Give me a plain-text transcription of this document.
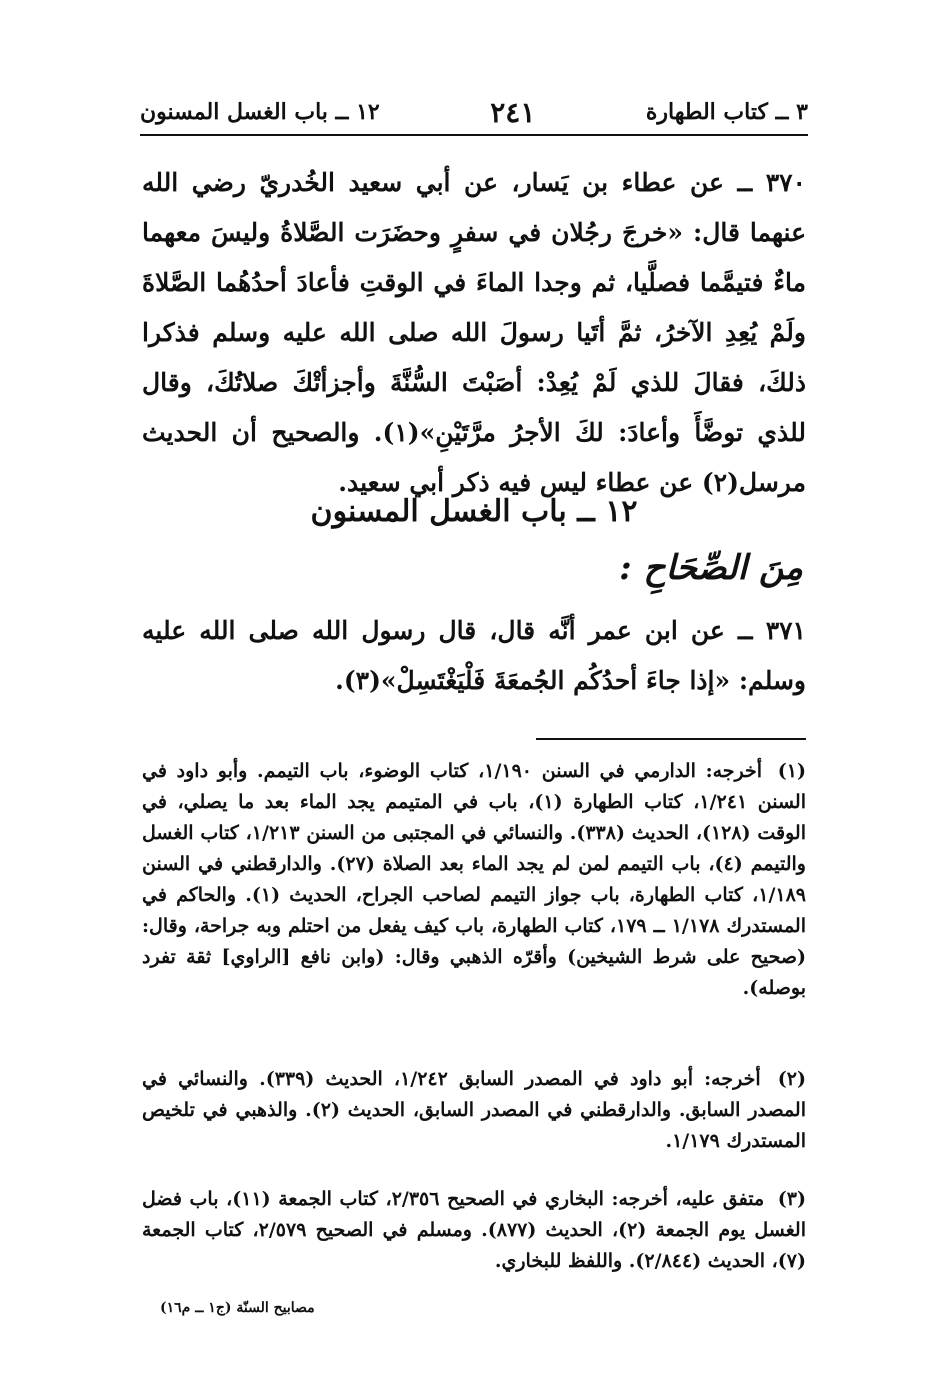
٣ ــ كتاب الطهارة
٢٤١
١٢ ــ باب الغسل المسنون
٣٧٠ ــ عن عطاء بن يَسار، عن أبي سعيد الخُدريّ رضي الله عنهما قال: «خرجَ رجُلان في سفرٍ وحضَرَت الصَّلاةُ وليسَ معهما ماءٌ فتيمَّما فصلَّيا، ثم وجدا الماءَ في الوقتِ فأعادَ أحدُهُما الصَّلاةَ ولَمْ يُعِدِ الآخرُ، ثمَّ أتَيا رسولَ الله صلى الله عليه وسلم فذكرا ذلكَ، فقالَ للذي لَمْ يُعِدْ: أصَبْتَ السُّنَّةَ وأجزأتْكَ صلاتُكَ، وقال للذي توضَّأَ وأعادَ: لكَ الأجرُ مرَّتَيْنِ»(١). والصحيح أن الحديث مرسل(٢) عن عطاء ليس فيه ذكر أبي سعيد.
١٢ ــ باب الغسل المسنون
مِنَ الصِّحَاحِ :
٣٧١ ــ عن ابن عمر أنَّه قال، قال رسول الله صلى الله عليه وسلم: «إذا جاءَ أحدُكُم الجُمعَةَ فَلْيَغْتَسِلْ»(٣).
(١) أخرجه: الدارمي في السنن ١/١٩٠، كتاب الوضوء، باب التيمم. وأبو داود في السنن ١/٢٤١، كتاب الطهارة (١)، باب في المتيمم يجد الماء بعد ما يصلي، في الوقت (١٢٨)، الحديث (٣٣٨). والنسائي في المجتبى من السنن ١/٢١٣، كتاب الغسل والتيمم (٤)، باب التيمم لمن لم يجد الماء بعد الصلاة (٢٧). والدارقطني في السنن ١/١٨٩، كتاب الطهارة، باب جواز التيمم لصاحب الجراح، الحديث (١). والحاكم في المستدرك ١/١٧٨ ــ ١٧٩، كتاب الطهارة، باب كيف يفعل من احتلم وبه جراحة، وقال: (صحيح على شرط الشيخين) وأقرّه الذهبي وقال: (وابن نافع [الراوي] ثقة تفرد بوصله).
(٢) أخرجه: أبو داود في المصدر السابق ١/٢٤٢، الحديث (٣٣٩). والنسائي في المصدر السابق. والدارقطني في المصدر السابق، الحديث (٢). والذهبي في تلخيص المستدرك ١/١٧٩.
(٣) متفق عليه، أخرجه: البخاري في الصحيح ٢/٣٥٦، كتاب الجمعة (١١)، باب فضل الغسل يوم الجمعة (٢)، الحديث (٨٧٧). ومسلم في الصحيح ٢/٥٧٩، كتاب الجمعة (٧)، الحديث (٢/٨٤٤). واللفظ للبخاري.
مصابيح السنّة (ج١ ــ م١٦)
